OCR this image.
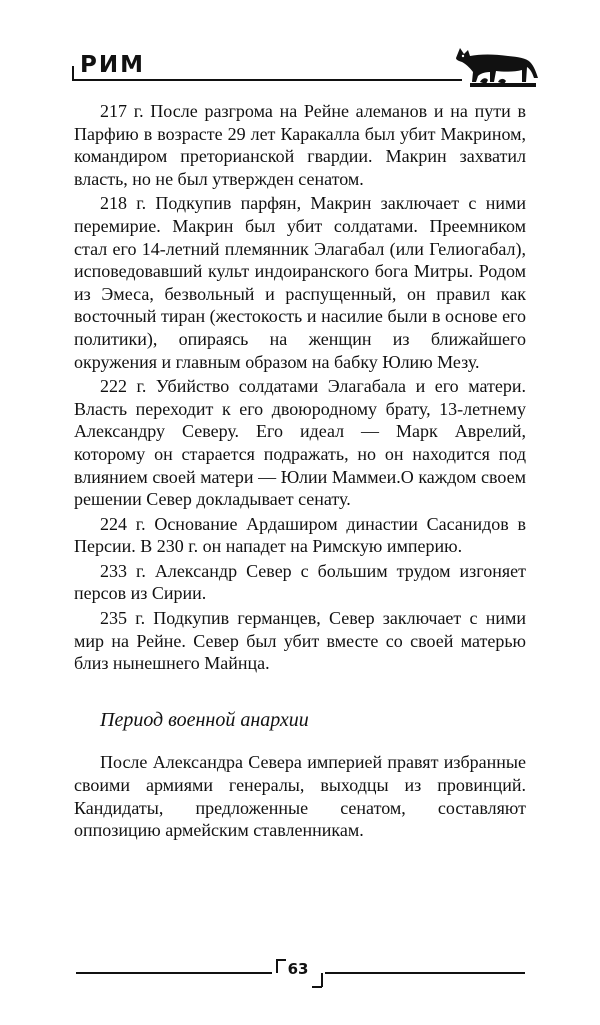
РИМ

217 г. После разгрома на Рейне алеманов и на пути в Парфию в возрасте 29 лет Каракалла был убит Макрином, командиром преторианской гвардии. Макрин захватил власть, но не был утвержден сенатом.

218 г. Подкупив парфян, Макрин заключает с ними перемирие. Макрин был убит солдатами. Преемником стал его 14-летний племянник Элагабал (или Гелиогабал), исповедовавший культ индоиранского бога Митры. Родом из Эмеса, безвольный и распущенный, он правил как восточный тиран (жестокость и насилие были в основе его политики), опираясь на женщин из ближайшего окружения и главным образом на бабку Юлию Мезу.

222 г. Убийство солдатами Элагабала и его матери. Власть переходит к его двоюродному брату, 13-летнему Александру Северу. Его идеал — Марк Аврелий, которому он старается подражать, но он находится под влиянием своей матери — Юлии Маммеи.О каждом своем решении Север докладывает сенату.

224 г. Основание Ардаширом династии Сасанидов в Персии. В 230 г. он нападет на Римскую империю.

233 г. Александр Север с большим трудом изгоняет персов из Сирии.

235 г. Подкупив германцев, Север заключает с ними мир на Рейне. Север был убит вместе со своей матерью близ нынешнего Майнца.

Период военной анархии

После Александра Севера империей правят избранные своими армиями генералы, выходцы из провинций. Кандидаты, предложенные сенатом, составляют оппозицию армейским ставленникам.

63
